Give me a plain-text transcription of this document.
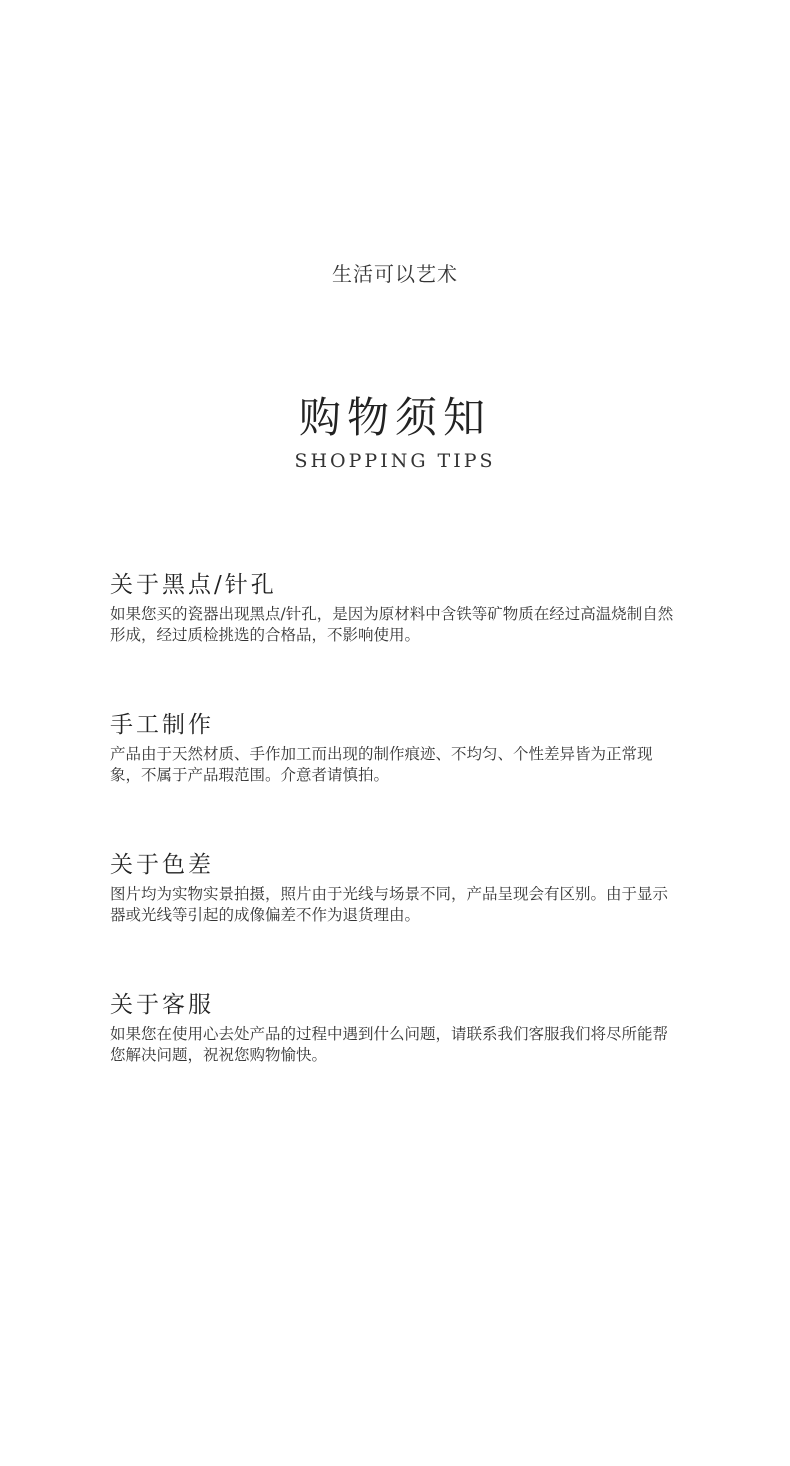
生活可以艺术
购物须知
SHOPPING TIPS
关于黑点/针孔

如果您买的瓷器出现黑点/针孔，是因为原材料中含铁等矿物质在经过高温烧制自然形成，经过质检挑选的合格品，不影响使用。

手工制作

产品由于天然材质、手作加工而出现的制作痕迹、不均匀、个性差异皆为正常现象，不属于产品瑕范围。介意者请慎拍。

关于色差

图片均为实物实景拍摄，照片由于光线与场景不同，产品呈现会有区别。由于显示器或光线等引起的成像偏差不作为退货理由。

关于客服

如果您在使用心去处产品的过程中遇到什么问题，请联系我们客服我们将尽所能帮您解决问题，祝祝您购物愉快。
